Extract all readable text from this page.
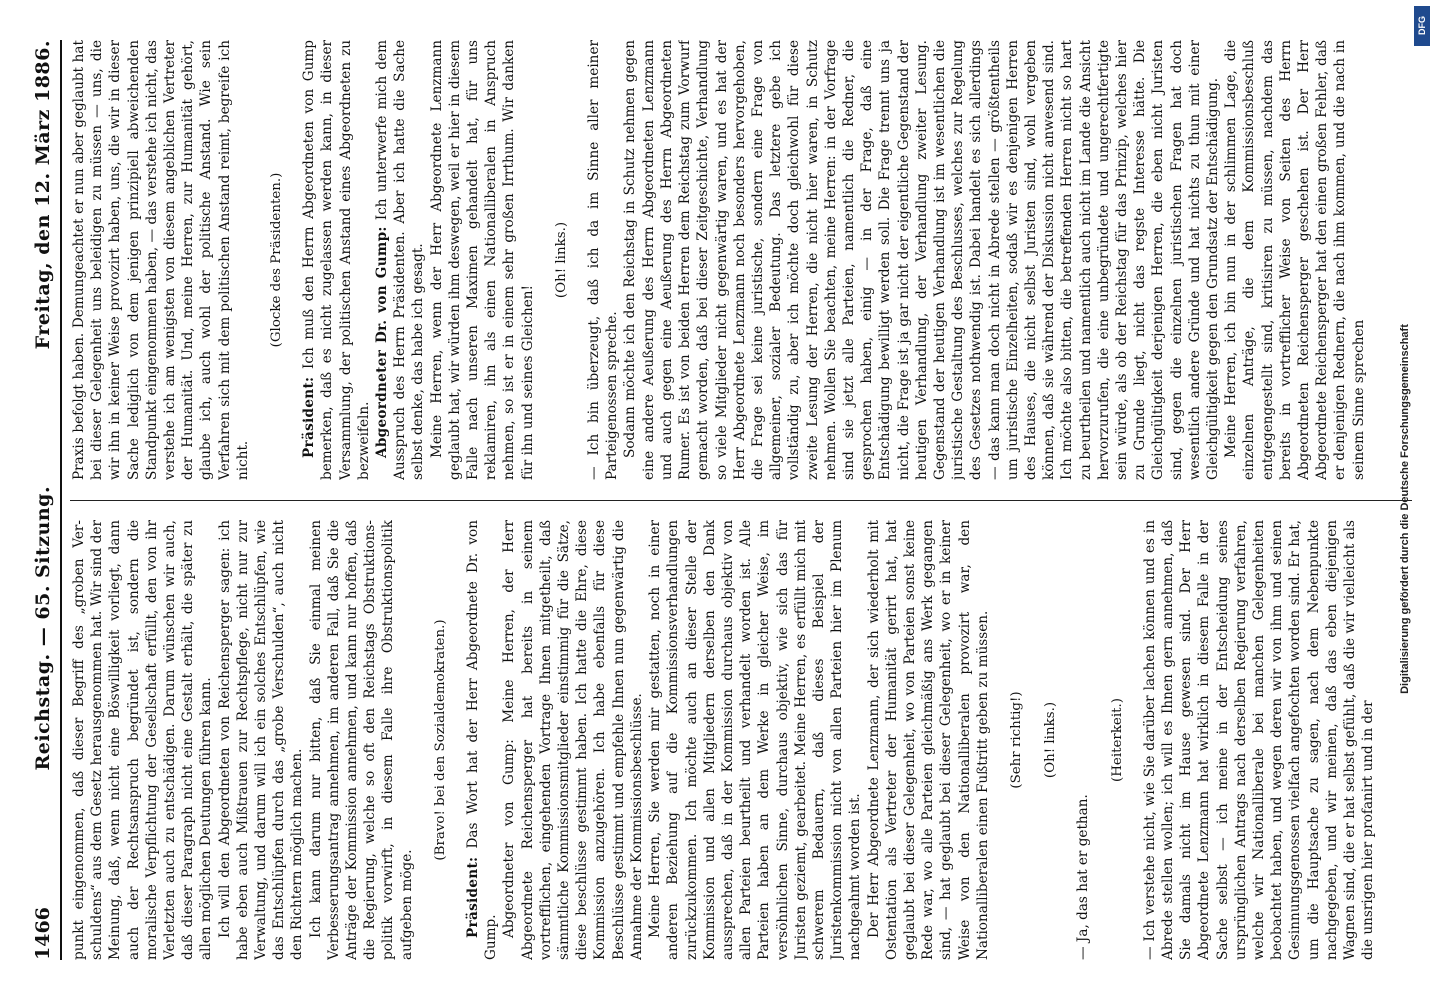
1466
Reichstag. — 65. Sitzung.
Freitag, den 12. März 1886.

punkt eingenommen, daß dieser Begriff des „groben Ver-schuldens“ aus dem Gesetz herausgenommen hat. Wir sind der Meinung, daß, wenn nicht eine Böswilligkeit vorliegt, dann auch der Rechtsanspruch begründet ist, sondern die moralische Verpflichtung der Gesellschaft erfüllt, den von ihr Verletzten auch zu entschädigen. Darum wünschen wir auch, daß dieser Paragraph nicht eine Gestalt erhält, die später zu allen möglichen Deutungen führen kann. Ich will den Abgeordneten von Reichensperger sagen: ich habe eben auch Mißtrauen zur Rechtspflege, nicht nur zur Verwaltung, und darum will ich ein solches Entschlüpfen, wie das Entschlüpfen durch das „grobe Verschulden“, auch nicht den Richtern möglich machen. Ich kann darum nur bitten, daß Sie einmal meinen Verbesserungsantrag annehmen, im anderen Fall, daß Sie die Anträge der Kommission annehmen, und kann nur hoffen, daß die Regierung, welche so oft den Reichstags Obstruktions-politik vorwirft, in diesem Falle ihre Obstruktionspolitik aufgeben möge.

(Bravo! bei den Sozialdemokraten.)

Präsident: Das Wort hat der Herr Abgeordnete Dr. von Gump. Abgeordneter von Gump: Meine Herren, der Herr Abgeordnete Reichensperger hat bereits in seinem vortrefflichen, eingehenden Vortrage Ihnen mitgetheilt, daß sämmtliche Kommissionsmitglieder einstimmig für die Sätze, diese beschlüsse gestimmt haben. Ich hatte die Ehre, diese Kommission anzugehören. Ich habe ebenfalls für diese Beschlüsse gestimmt und empfehle Ihnen nun gegenwärtig die Annahme der Kommissionsbeschlüsse. Meine Herren, Sie werden mir gestatten, noch in einer anderen Beziehung auf die Kommissionsverhandlungen zurückzukommen. Ich möchte auch an dieser Stelle der Kommission und allen Mitgliedern derselben den Dank aussprechen, daß in der Kommission durchaus objektiv von allen Parteien beurtheilt und verhandelt worden ist. Alle Parteien haben an dem Werke in gleicher Weise, im versöhnlichen Sinne, durchaus objektiv, wie sich das für Juristen geziemt, gearbeitet. Meine Herren, es erfüllt mich mit schwerem Bedauern, daß dieses Beispiel der Juristenkommission nicht von allen Parteien hier im Plenum nachgeahmt worden ist. Der Herr Abgeordnete Lenzmann, der sich wiederholt mit Ostentation als Vertreter der Humanität gerirt hat, hat geglaubt bei dieser Gelegenheit, wo von Parteien sonst keine Rede war, wo alle Parteien gleichmäßig ans Werk gegangen sind, — hat geglaubt bei dieser Gelegenheit, wo er in keiner Weise von den Nationalliberalen provozirt war, den Nationalliberalen einen Fußtritt geben zu müssen. (Sehr richtig!) (Oh! links.)

— Ja, das hat er gethan.

(Heiterkeit.) — Ich verstehe nicht, wie Sie darüber lachen können und es in Abrede stellen wollen; ich will es Ihnen gern annehmen, daß Sie damals nicht im Hause gewesen sind. Der Herr Abgeordnete Lenzmann hat wirklich in diesem Falle in der Sache selbst — ich meine in der Entscheidung seines ursprünglichen Antrags nach derselben Regierung verfahren, welche wir Nationalliberale bei manchen Gelegenheiten beobachtet haben, und wegen deren wir von ihm und seinen Gesinnungsgenossen vielfach angefochten worden sind. Er hat, um die Hauptsache zu sagen, nach dem Nebenpunkte nachgegeben, und wir meinen, daß das eben diejenigen Wagnen sind, die er hat selbst gefühlt, daß die wir vielleicht als die unsrigen hier profanirt und in der

Praxis befolgt haben. Demungeachtet er nun aber geglaubt hat bei dieser Gelegenheit uns beleidigen zu müssen — uns, die wir ihn in keiner Weise provozirt haben, uns, die wir in dieser Sache lediglich von dem jenigen prinzipiell abweichenden Standpunkt eingenommen haben, — das verstehe ich nicht, das verstehe ich am wenigsten von diesem angeblichen Vertreter der Humanität. Und, meine Herren, zur Humanität gehört, glaube ich, auch wohl der politische Anstand. Wie sein Verfahren sich mit dem politischen Anstand reimt, begreife ich nicht.

(Glocke des Präsidenten.)

Präsident: Ich muß den Herrn Abgeordneten von Gump bemerken, daß es nicht zugelassen werden kann, in dieser Versammlung, der politischen Anstand eines Abgeordneten zu bezweifeln. Abgeordneter Dr. von Gump: Ich unterwerfe mich dem Ausspruch des Herrn Präsidenten. Aber ich hatte die Sache selbst denke, das habe ich gesagt. Meine Herren, wenn der Herr Abgeordnete Lenzmann geglaubt hat, wir würden ihm deswegen, weil er hier in diesem Falle nach unseren Maximen gehandelt hat, für uns reklamiren, ihn als einen Nationalliberalen in Anspruch nehmen, so ist er in einem sehr großen Irrthum. Wir danken für ihn und seines Gleichen!

(Oh! links.) — Ich bin überzeugt, daß ich da im Sinne aller meiner Parteigenossen spreche. Sodann möchte ich den Reichstag in Schutz nehmen gegen eine andere Aeußerung des Herrn Abgeordneten Lenzmann und auch gegen eine Aeußerung des Herrn Abgeordneten Rumer. Es ist von beiden Herren dem Reichstag zum Vorwurf gemacht worden, daß bei dieser Zeitgeschichte, Verhandlung so viele Mitglieder nicht gegenwärtig waren, und es hat der Herr Abgeordnete Lenzmann noch besonders hervorgehoben, die Frage sei keine juristische, sondern eine Frage von allgemeiner, sozialer Bedeutung. Das letztere gebe ich vollständig zu, aber ich möchte doch gleichwohl für diese zweite Lesung der Herren, die nicht hier waren, in Schutz nehmen. Wollen Sie beachten, meine Herren: in der Vorfrage sind sie jetzt alle Parteien, namentlich die Redner, die gesprochen haben, einig — in der Frage, daß eine Entschädigung bewilligt werden soll. Die Frage trennt uns ja nicht, die Frage ist ja gar nicht der eigentliche Gegenstand der heutigen Verhandlung, der Verhandlung zweiter Lesung. Gegenstand der heutigen Verhandlung ist im wesentlichen die juristische Gestaltung des Beschlusses, welches zur Regelung des Gesetzes nothwendig ist. Dabei handelt es sich allerdings — das kann man doch nicht in Abrede stellen — größtentheils um juristische Einzelheiten, sodaß wir es denjenigen Herren des Hauses, die nicht selbst Juristen sind, wohl vergeben können, daß sie während der Diskussion nicht anwesend sind. Ich möchte also bitten, die betreffenden Herren nicht so hart zu beurtheilen und namentlich auch nicht im Lande die Ansicht hervorzurufen, die eine unbegründete und ungerechtfertigte sein würde, als ob der Reichstag für das Prinzip, welches hier zu Grunde liegt, nicht das regste Interesse hätte. Die Gleichgültigkeit derjenigen Herren, die eben nicht Juristen sind, gegen die einzelnen juristischen Fragen hat doch wesentlich andere Gründe und hat nichts zu thun mit einer Gleichgültigkeit gegen den Grundsatz der Entschädigung. Meine Herren, ich bin nun in der schlimmen Lage, die einzelnen Anträge, die dem Kommissionsbeschluß entgegengestellt sind, kritisiren zu müssen, nachdem das bereits in vortrefflicher Weise von Seiten des Herrn Abgeordneten Reichensperger geschehen ist. Der Herr Abgeordnete Reichensperger hat den einen großen Fehler, daß er denjenigen Rednern, die nach ihm kommen, und die nach in seinem Sinne sprechen	Digitalisierung gefördert durch die Deutsche Forschungsgemeinschaft
DFG
